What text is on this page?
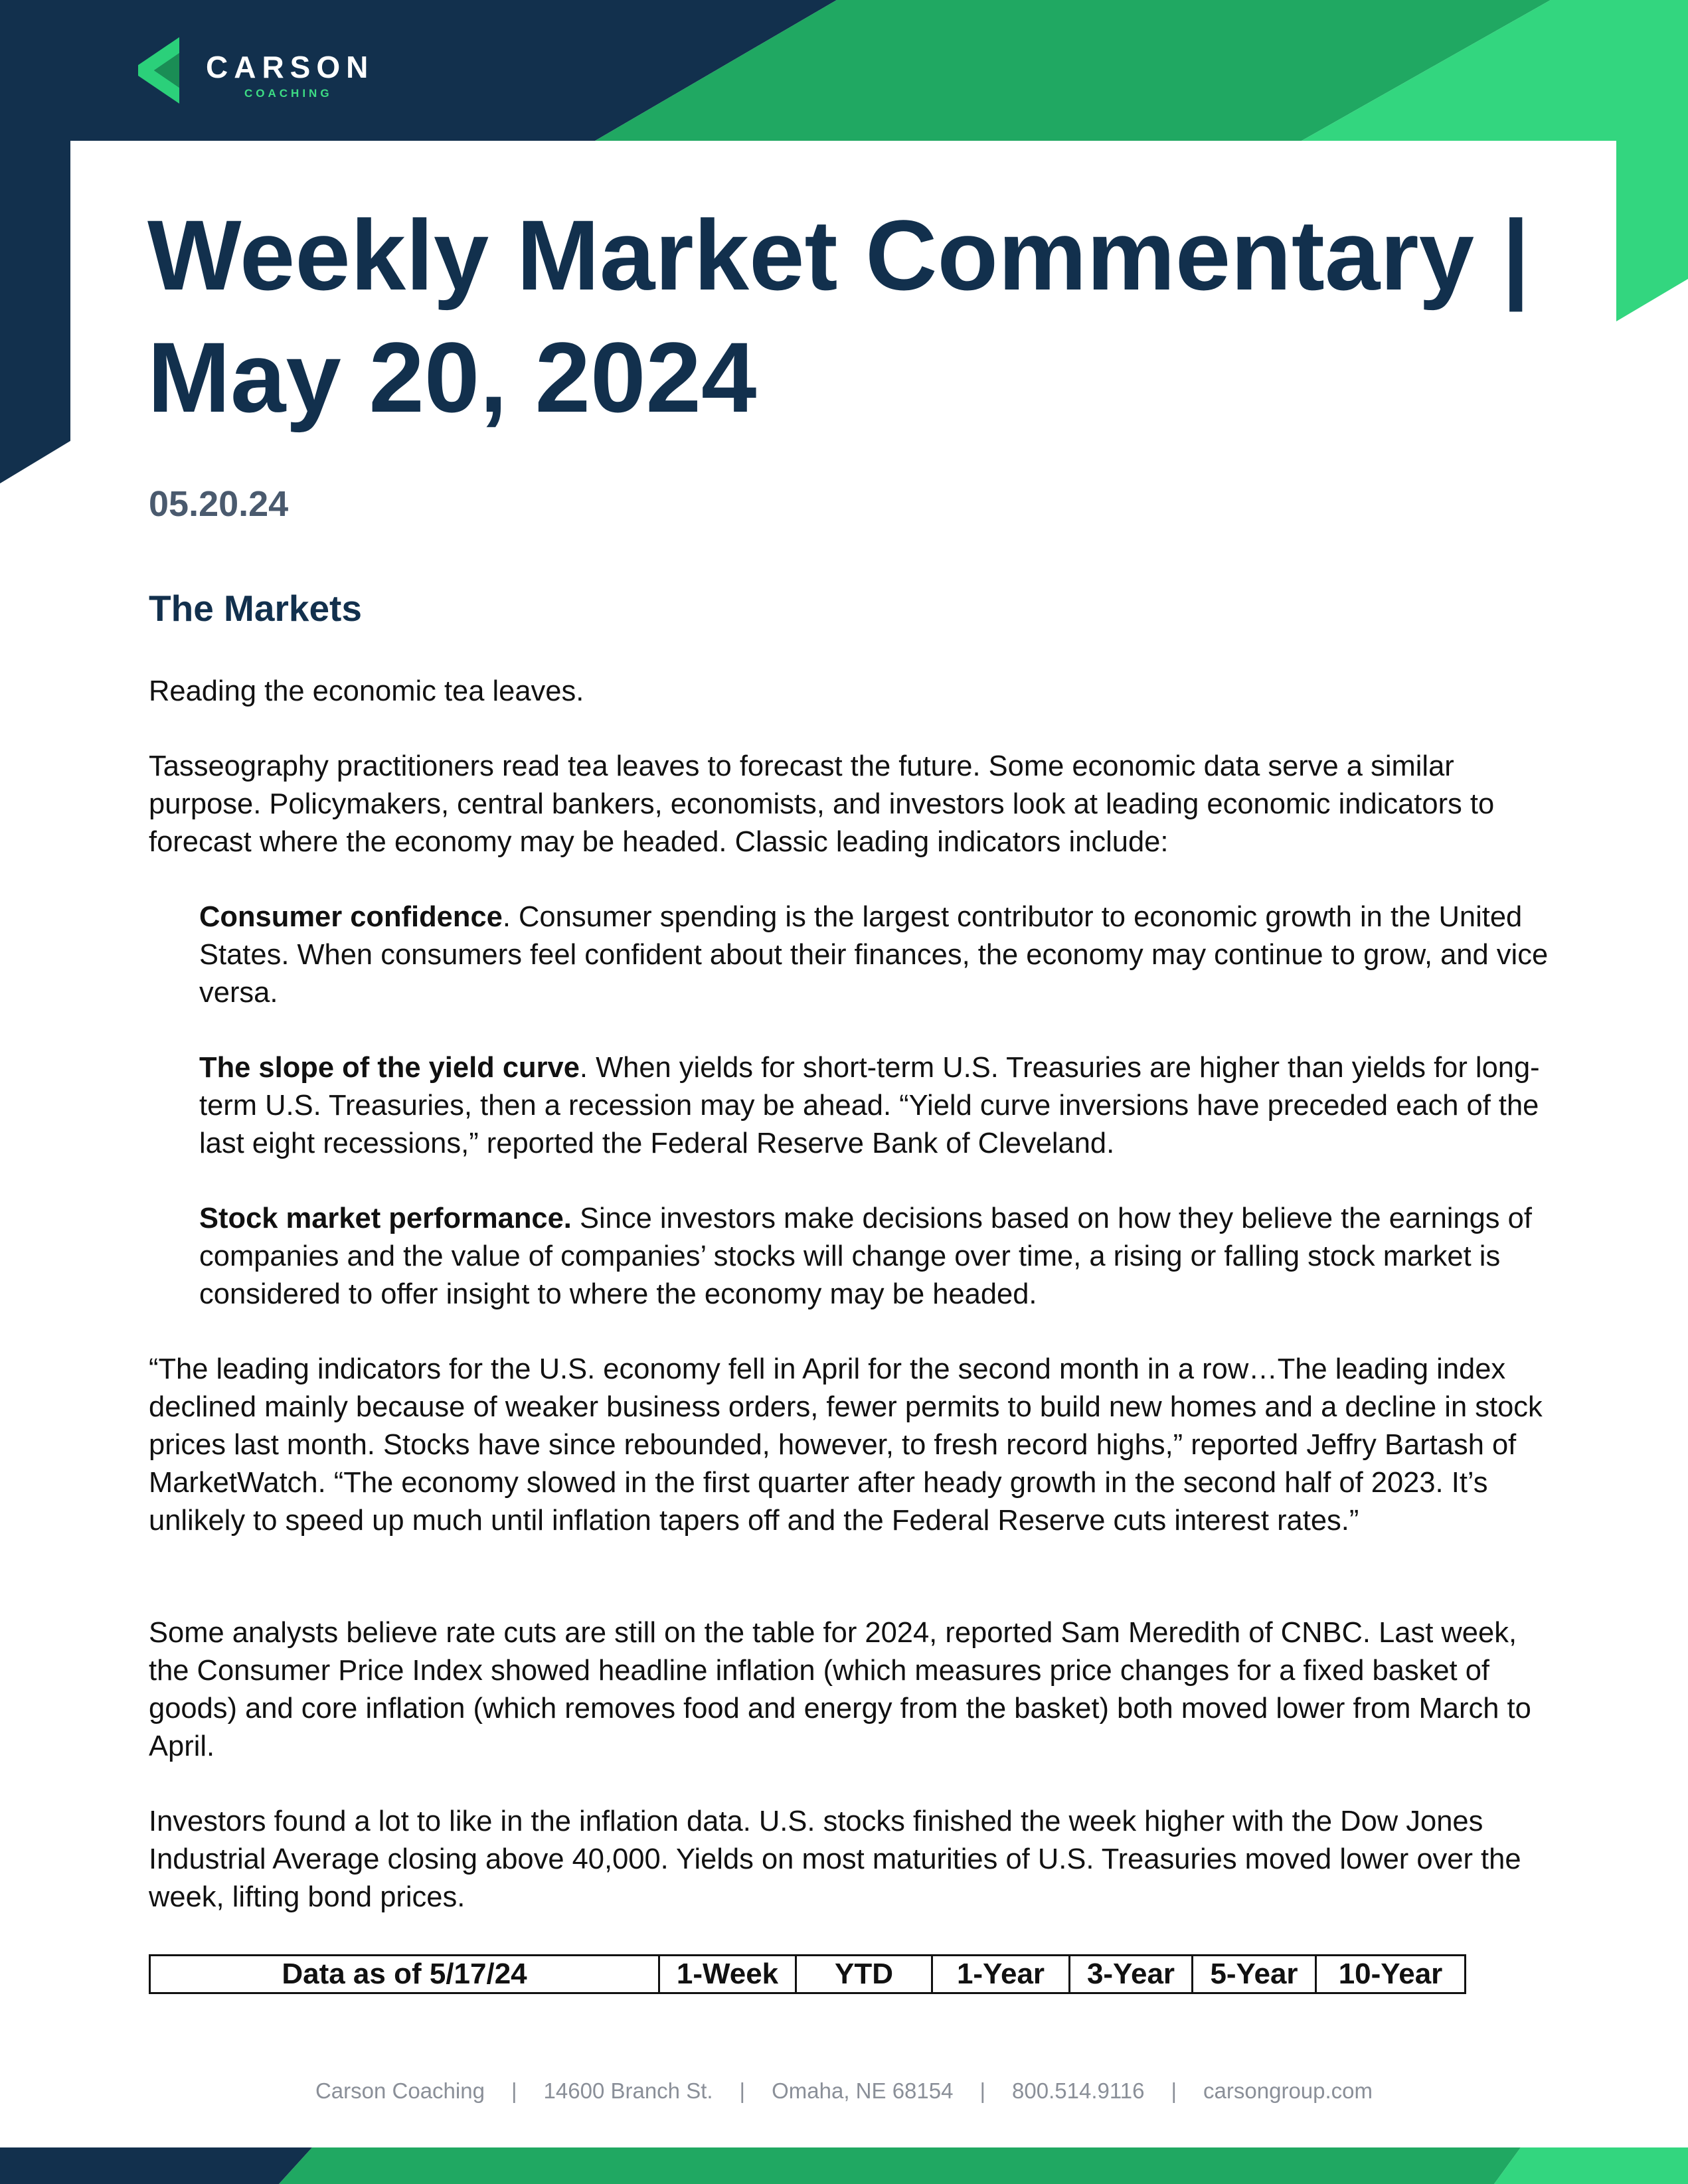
CARSON
COACHING
Weekly Market Commentary |
May 20, 2024
05.20.24
The Markets

Reading the economic tea leaves.

Tasseography practitioners read tea leaves to forecast the future. Some economic data serve a similar purpose. Policymakers, central bankers, economists, and investors look at leading economic indicators to forecast where the economy may be headed. Classic leading indicators include:

Consumer confidence. Consumer spending is the largest contributor to economic growth in the United States. When consumers feel confident about their finances, the economy may continue to grow, and vice versa.

The slope of the yield curve. When yields for short-term U.S. Treasuries are higher than yields for long-term U.S. Treasuries, then a recession may be ahead. “Yield curve inversions have preceded each of the last eight recessions,” reported the Federal Reserve Bank of Cleveland.

Stock market performance. Since investors make decisions based on how they believe the earnings of companies and the value of companies’ stocks will change over time, a rising or falling stock market is considered to offer insight to where the economy may be headed.

“The leading indicators for the U.S. economy fell in April for the second month in a row…The leading index declined mainly because of weaker business orders, fewer permits to build new homes and a decline in stock prices last month. Stocks have since rebounded, however, to fresh record highs,” reported Jeffry Bartash of MarketWatch. “The economy slowed in the first quarter after heady growth in the second half of 2023. It’s unlikely to speed up much until inflation tapers off and the Federal Reserve cuts interest rates.”

Some analysts believe rate cuts are still on the table for 2024, reported Sam Meredith of CNBC. Last week, the Consumer Price Index showed headline inflation (which measures price changes for a fixed basket of goods) and core inflation (which removes food and energy from the basket) both moved lower from March to April.

Investors found a lot to like in the inflation data. U.S. stocks finished the week higher with the Dow Jones Industrial Average closing above 40,000. Yields on most maturities of U.S. Treasuries moved lower over the week, lifting bond prices.

Data as of 5/17/24	1-Week	YTD	1-Year	3-Year	5-Year	10-Year
Carson Coaching | 14600 Branch St. | Omaha, NE 68154 | 800.514.9116 | carsongroup.com
